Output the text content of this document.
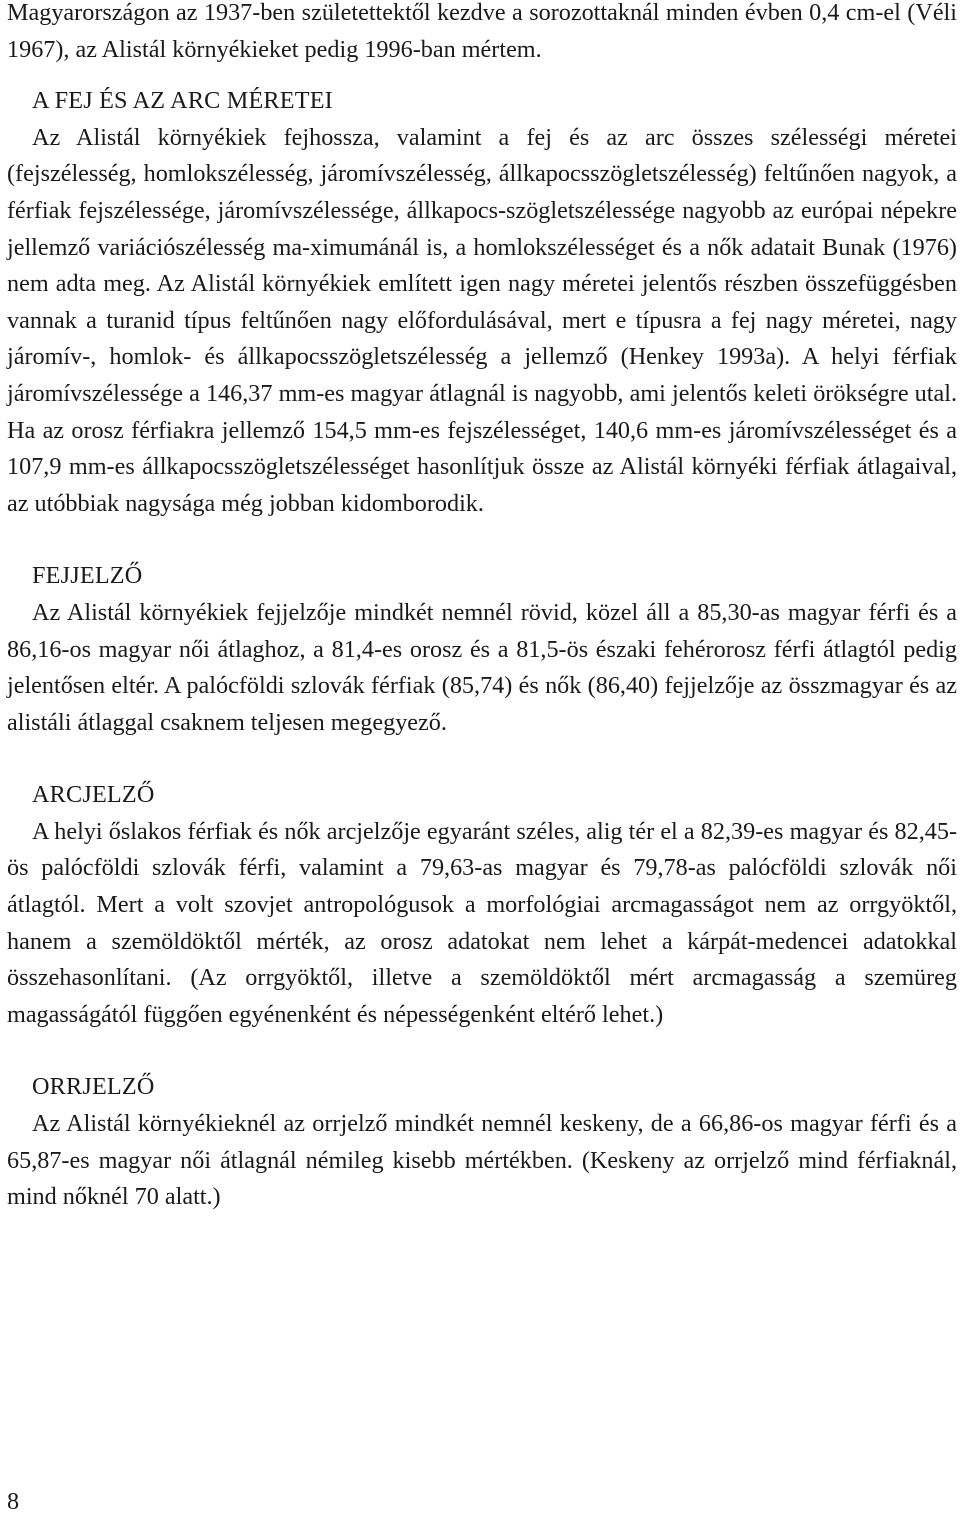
Magyarországon az 1937-ben születettektől kezdve a sorozottaknál minden évben 0,4 cm-el (Véli 1967), az Alistál környékieket pedig 1996-ban mértem.

A FEJ ÉS AZ ARC MÉRETEI

Az Alistál környékiek fejhossza, valamint a fej és az arc összes szélességi méretei (fejszélesség, homlokszélesség, járomívszélesség, állkapocsszögletszélesség) feltűnően nagyok, a férfiak fejszélessége, járomívszélessége, állkapocs-szögletszélessége nagyobb az európai népekre jellemző variációszélesség ma-ximumánál is, a homlokszélességet és a nők adatait Bunak (1976) nem adta meg. Az Alistál környékiek említett igen nagy méretei jelentős részben összefüggésben vannak a turanid típus feltűnően nagy előfordulásával, mert e típusra a fej nagy méretei, nagy járomív-, homlok- és állkapocsszögletszélesség a jellemző (Henkey 1993a). A helyi férfiak járomívszélessége a 146,37 mm-es magyar átlagnál is nagyobb, ami jelentős keleti örökségre utal. Ha az orosz férfiakra jellemző 154,5 mm-es fejszélességet, 140,6 mm-es járomívszélességet és a 107,9 mm-es állkapocsszögletszélességet hasonlítjuk össze az Alistál környéki férfiak átlagaival, az utóbbiak nagysága még jobban kidomborodik.

FEJJELZŐ

Az Alistál környékiek fejjelzője mindkét nemnél rövid, közel áll a 85,30-as magyar férfi és a 86,16-os magyar női átlaghoz, a 81,4-es orosz és a 81,5-ös északi fehérorosz férfi átlagtól pedig jelentősen eltér. A palócföldi szlovák férfiak (85,74) és nők (86,40) fejjelzője az összmagyar és az alistáli átlaggal csaknem teljesen megegyező.

ARCJELZŐ

A helyi őslakos férfiak és nők arcjelzője egyaránt széles, alig tér el a 82,39-es magyar és 82,45-ös palócföldi szlovák férfi, valamint a 79,63-as magyar és 79,78-as palócföldi szlovák női átlagtól. Mert a volt szovjet antropológusok a morfológiai arcmagasságot nem az orrgyöktől, hanem a szemöldöktől mérték, az orosz adatokat nem lehet a kárpát-medencei adatokkal összehasonlítani. (Az orrgyöktől, illetve a szemöldöktől mért arcmagasság a szemüreg magasságától függően egyénenként és népességenként eltérő lehet.)

ORRJELZŐ

Az Alistál környékieknél az orrjelző mindkét nemnél keskeny, de a 66,86-os magyar férfi és a 65,87-es magyar női átlagnál némileg kisebb mértékben. (Keskeny az orrjelző mind férfiaknál, mind nőknél 70 alatt.)

8
